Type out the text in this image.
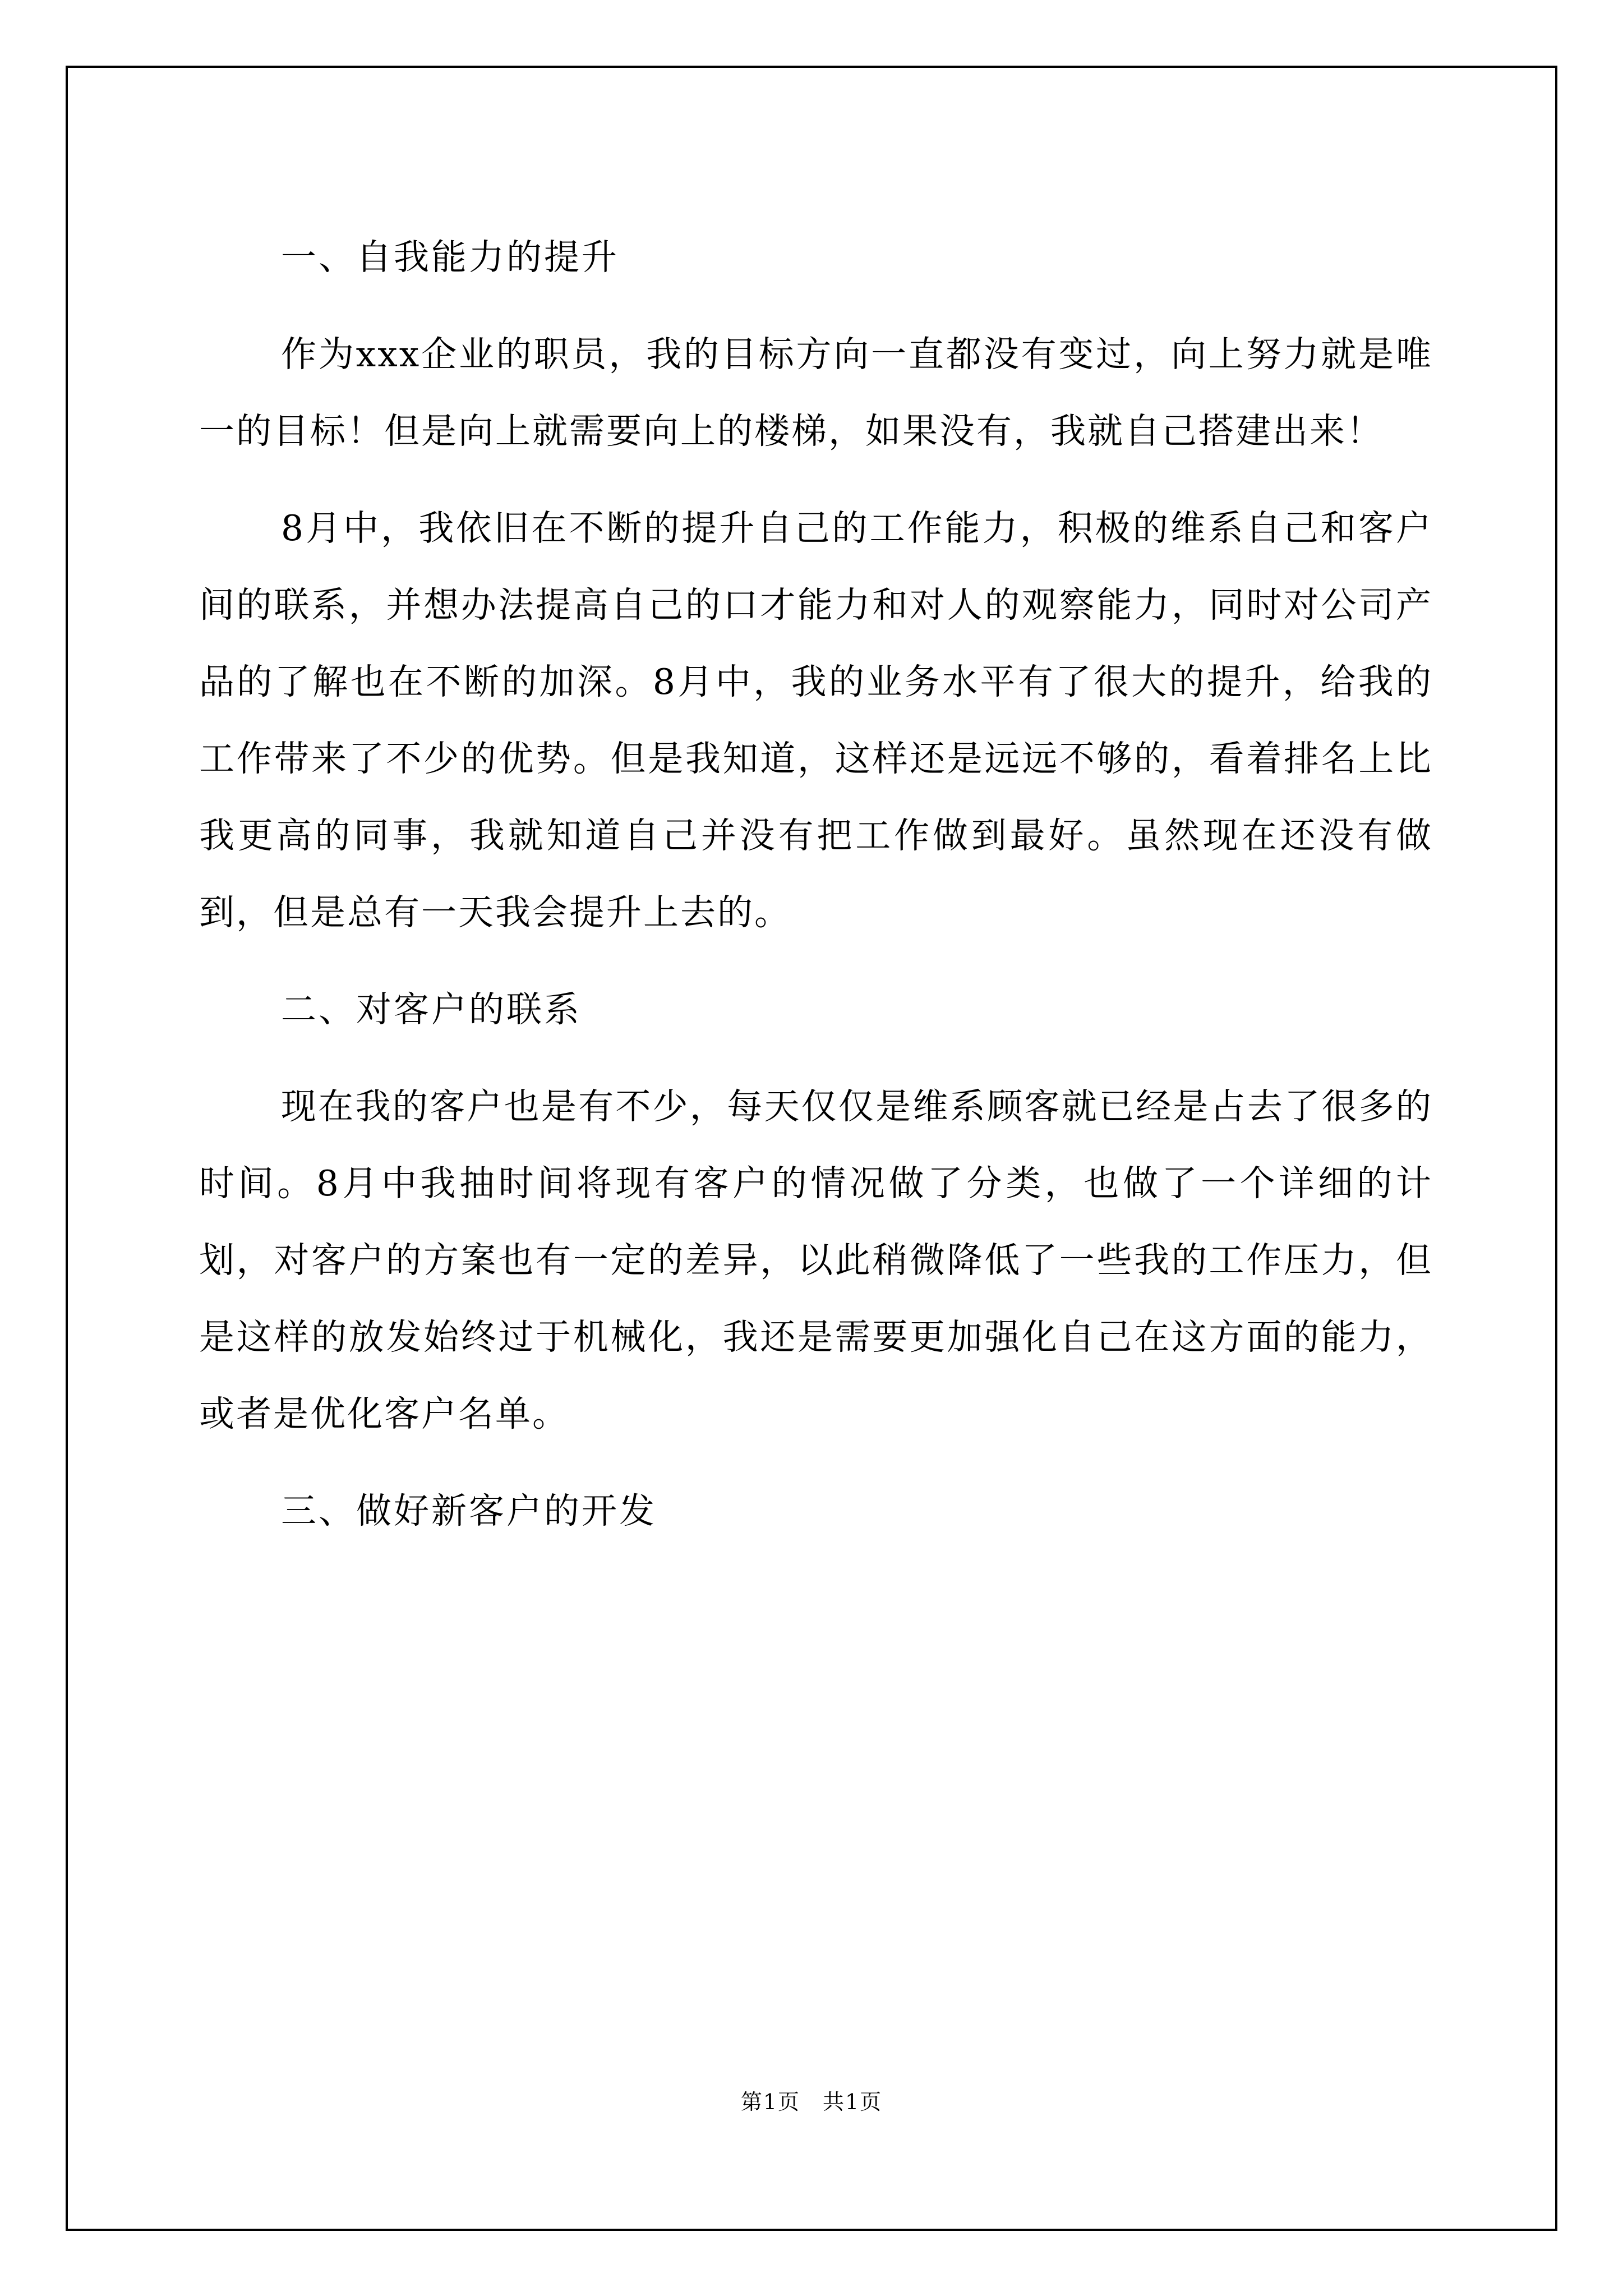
一、自我能力的提升

作为xxx企业的职员，我的目标方向一直都没有变过，向上努力就是唯一的目标！但是向上就需要向上的楼梯，如果没有，我就自己搭建出来！

8月中，我依旧在不断的提升自己的工作能力，积极的维系自己和客户间的联系，并想办法提高自己的口才能力和对人的观察能力，同时对公司产品的了解也在不断的加深。8月中，我的业务水平有了很大的提升，给我的工作带来了不少的优势。但是我知道，这样还是远远不够的，看着排名上比我更高的同事，我就知道自己并没有把工作做到最好。虽然现在还没有做到，但是总有一天我会提升上去的。

二、对客户的联系

现在我的客户也是有不少，每天仅仅是维系顾客就已经是占去了很多的时间。8月中我抽时间将现有客户的情况做了分类，也做了一个详细的计划，对客户的方案也有一定的差异，以此稍微降低了一些我的工作压力，但是这样的放发始终过于机械化，我还是需要更加强化自己在这方面的能力，或者是优化客户名单。

三、做好新客户的开发
第1页　共1页
